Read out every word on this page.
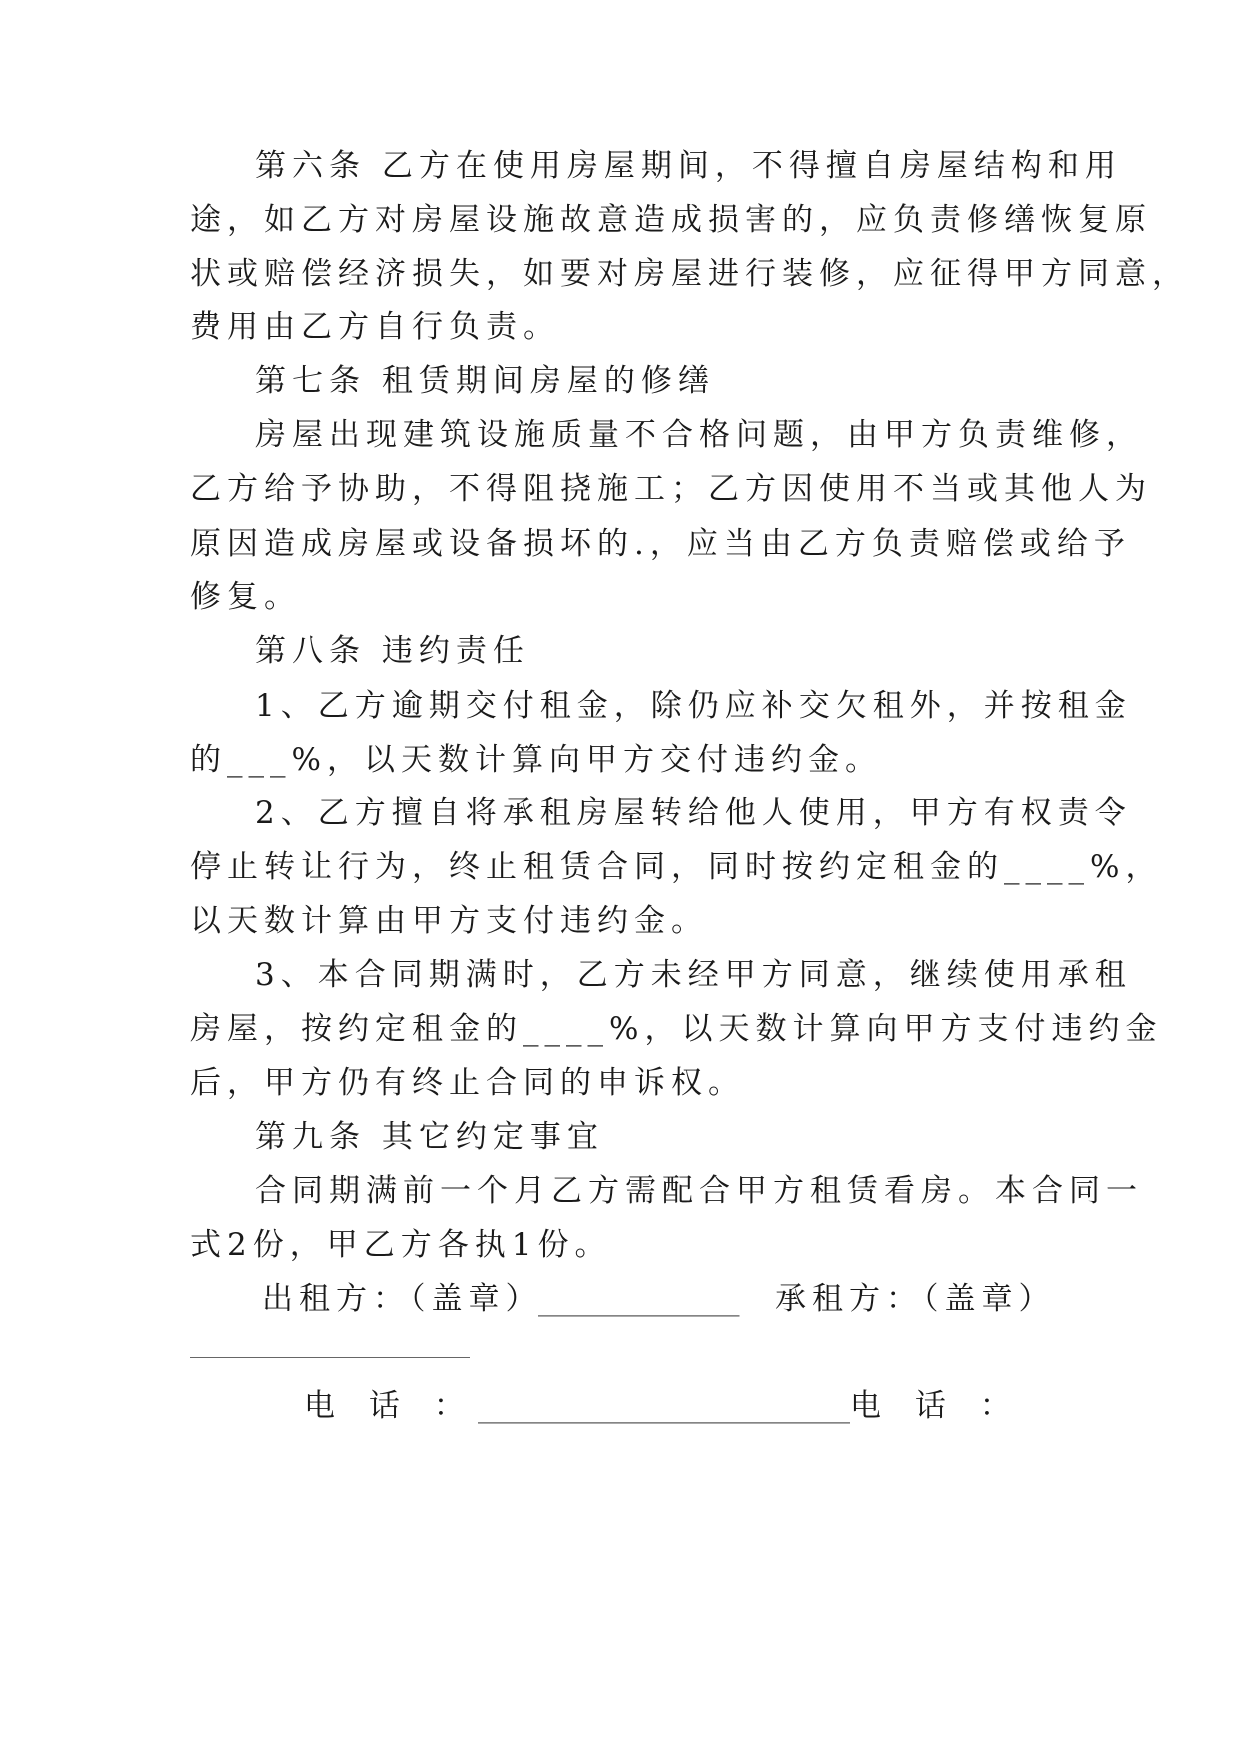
第六条 乙方在使用房屋期间，不得擅自房屋结构和用
途，如乙方对房屋设施故意造成损害的，应负责修缮恢复原
状或赔偿经济损失，如要对房屋进行装修，应征得甲方同意，
费用由乙方自行负责。
第七条 租赁期间房屋的修缮
房屋出现建筑设施质量不合格问题，由甲方负责维修，
乙方给予协助，不得阻挠施工；乙方因使用不当或其他人为
原因造成房屋或设备损坏的.，应当由乙方负责赔偿或给予
修复。
第八条 违约责任
1、乙方逾期交付租金，除仍应补交欠租外，并按租金
的___%，以天数计算向甲方交付违约金。
2、乙方擅自将承租房屋转给他人使用，甲方有权责令
停止转让行为，终止租赁合同，同时按约定租金的____%，
以天数计算由甲方支付违约金。
3、本合同期满时，乙方未经甲方同意，继续使用承租
房屋，按约定租金的____%，以天数计算向甲方支付违约金
后，甲方仍有终止合同的申诉权。
第九条 其它约定事宜
合同期满前一个月乙方需配合甲方租赁看房。本合同一
式2份，甲乙方各执1份。
出租方：（盖章）
_____________ 承租方：（盖章）
电 话 ： ________________________ 电 话 ：
